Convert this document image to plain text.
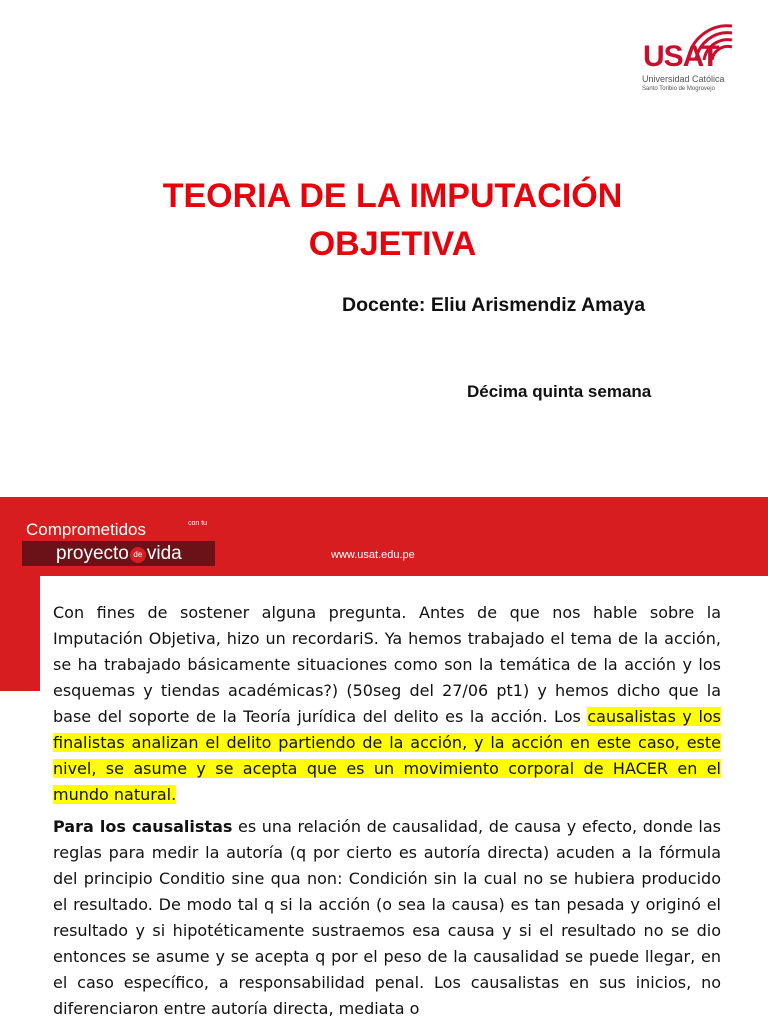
USAT
Universidad Católica
Santo Toribio de Mogrovejo
TEORIA DE LA IMPUTACIÓN
OBJETIVA

Docente: Eliu Arismendiz Amaya

Décima quinta semana

Comprometidos	con tu
proyecto de vida	www.usat.edu.pe

Con fines de sostener alguna pregunta. Antes de que nos hable sobre la Imputación Objetiva, hizo un recordariS. Ya hemos trabajado el tema de la acción, se ha trabajado básicamente situaciones como son la temática de la acción y los esquemas y tiendas académicas?) (50seg del 27/06 pt1) y hemos dicho que la base del soporte de la Teoría jurídica del delito es la acción. Los causalistas y los finalistas analizan el delito partiendo de la acción, y la acción en este caso, este nivel, se asume y se acepta que es un movimiento corporal de HACER en el mundo natural.

Para los causalistas es una relación de causalidad, de causa y efecto, donde las reglas para medir la autoría (q por cierto es autoría directa) acuden a la fórmula del principio Conditio sine qua non: Condición sin la cual no se hubiera producido el resultado. De modo tal q si la acción (o sea la causa) es tan pesada y originó el resultado y si hipotéticamente sustraemos esa causa y si el resultado no se dio entonces se asume y se acepta q por el peso de la causalidad se puede llegar, en el caso específico, a responsabilidad penal. Los causalistas en sus inicios, no diferenciaron entre autoría directa, mediata o
